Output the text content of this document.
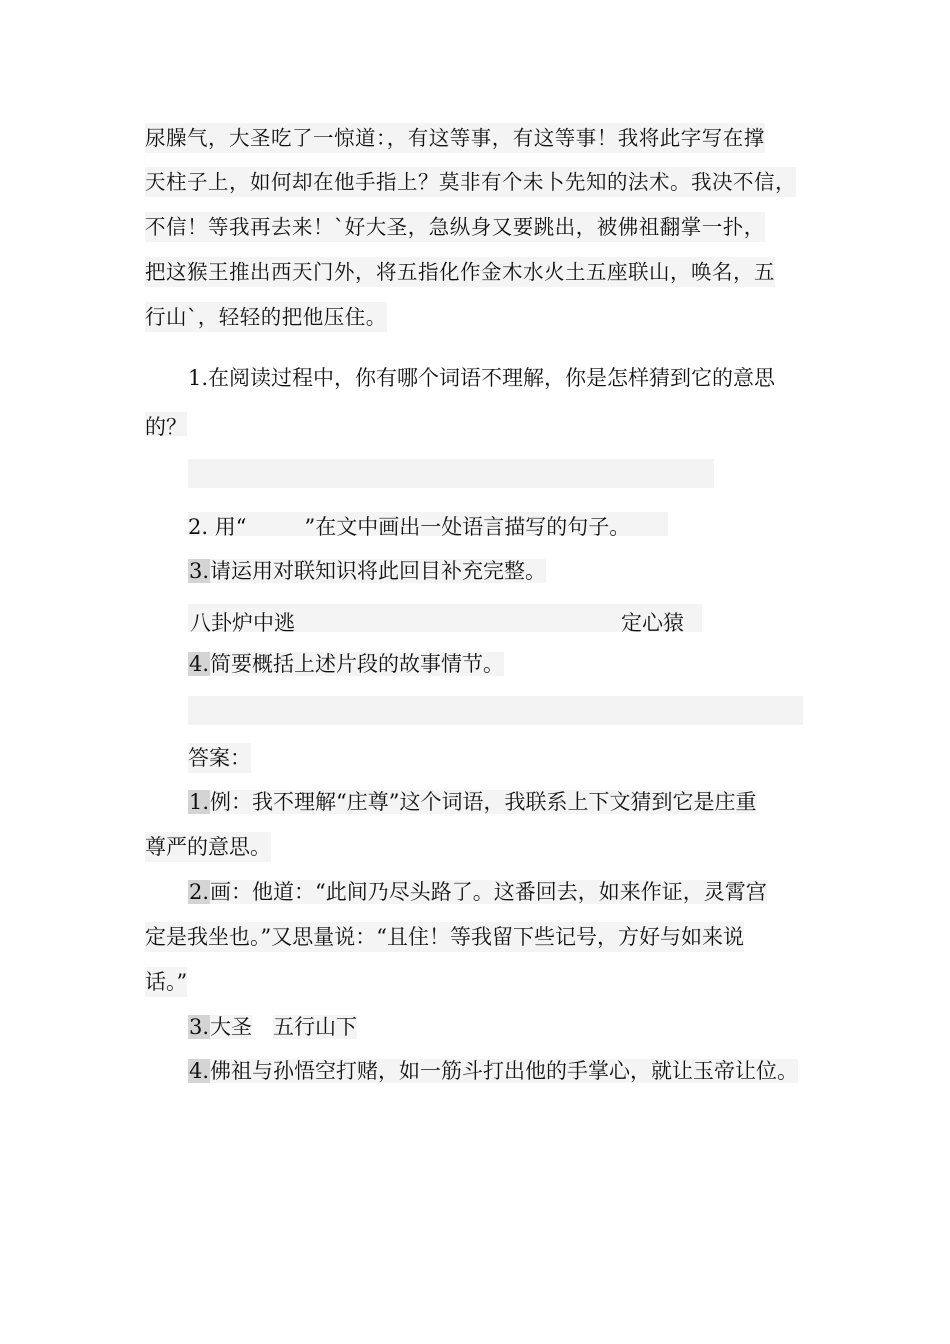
尿臊气，大圣吃了一惊道：，有这等事，有这等事！我将此字写在撑
天柱子上，如何却在他手指上？莫非有个未卜先知的法术。我决不信，
不信！等我再去来！`好大圣，急纵身又要跳出，被佛祖翻掌一扑，
把这猴王推出西天门外，将五指化作金木水火土五座联山，唤名，五
行山`，轻轻的把他压住。
1.在阅读过程中，你有哪个词语不理解，你是怎样猜到它的意思
的？
2. 用“	”在文中画出一处语言描写的句子。
3.请运用对联知识将此回目补充完整。
八卦炉中逃	定心猿
4.简要概括上述片段的故事情节。
答案：
1.例：我不理解“庄尊”这个词语，我联系上下文猜到它是庄重
尊严的意思。
2.画：他道：“此间乃尽头路了。这番回去，如来作证，灵霄宫
定是我坐也。”又思量说：“且住！等我留下些记号，方好与如来说
话。”
3.大圣 五行山下
4.佛祖与孙悟空打赌，如一筋斗打出他的手掌心，就让玉帝让位。
